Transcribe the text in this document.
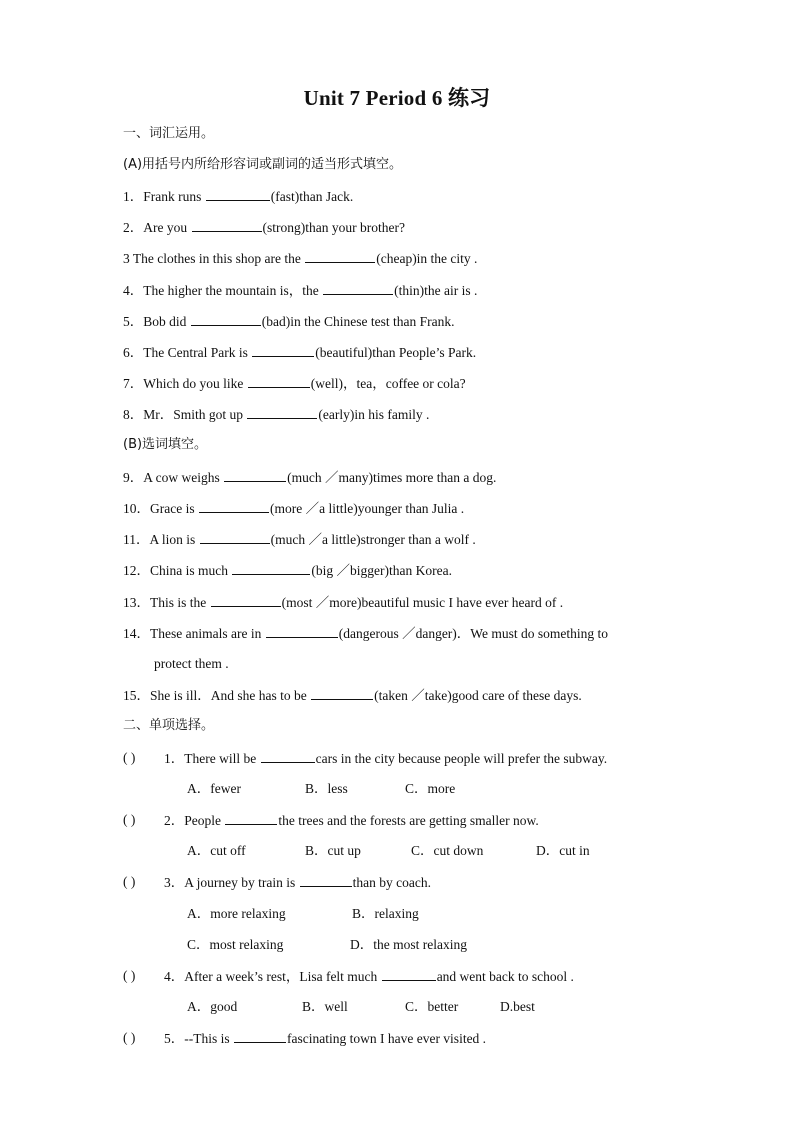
Unit 7 Period 6 练习
一、词汇运用。
(A)用括号内所给形容词或副词的适当形式填空。
1．Frank runs	(fast)than Jack.
2．Are you	(strong)than your brother?
3 The clothes in this shop are the	(cheap)in the city .
4．The higher the mountain is，the	(thin)the air is .
5．Bob did	(bad)in the Chinese test than Frank.
6．The Central Park is	(beautiful)than People’s Park.
7．Which do you like	(well)，tea，coffee or cola?
8．Mr．Smith got up	(early)in his family .
(B)选词填空。
9．A cow weighs	(much ／many)times more than a dog.
10．Grace is	(more ／a little)younger than Julia .
11．A lion is	(much ／a little)stronger than a wolf .
12．China is much	(big ／bigger)than Korea.
13．This is the	(most ／more)beautiful music I have ever heard of .
14．These animals are in	(dangerous ／danger)．We must do something to
protect them .
15．She is ill．And she has to be	(taken ／take)good care of these days.
二、单项选择。
( ) 1．There will be	cars in the city because people will prefer the subway.
A．fewer	B．less	C．more
( ) 2．People	the trees and the forests are getting smaller now.
A．cut off	B．cut up	C．cut down	D．cut in
( ) 3．A journey by train is	than by coach.
A．more relaxing	B．relaxing
C．most relaxing	D．the most relaxing
( ) 4．After a week’s rest，Lisa felt much	and went back to school .
A．good	B．well	C．better	D.best
( ) 5．--This is	fascinating town I have ever visited .
